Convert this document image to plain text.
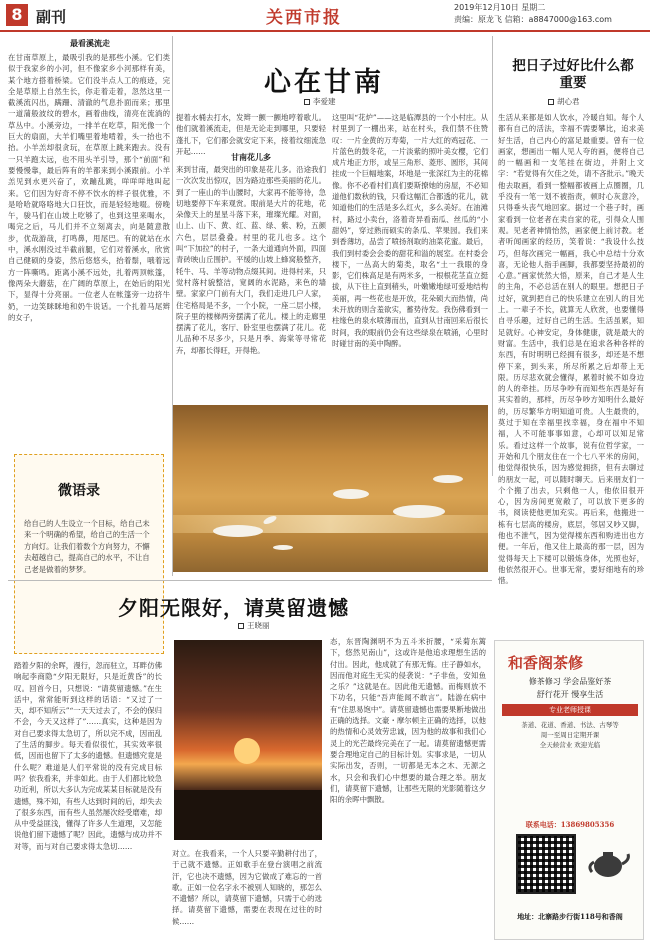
8 副刊	关西市报
2019年12月10日 星期二
责编：原龙飞 信箱：a8847000@163.com
最看溪流走
在甘南草原上，最吸引我的是那些小溪。它们类似于我家乡的小河，但不像家乡小河那样有美，某个地方搭着桥梁。它们没半点人工的痕迹，完全是草原上自然生长，你走着走着，忽然这里一截溪流闪出，蹒跚、清澈的气息扑面而来；那里一道蒲般波纹的碧水，画着曲线，清亮在流淌的草丛中。小溪旁边，一排羊在吃草，阳光像一个巨大的扇面，大羊们嘴里着地啃着，头一抬也不抬。小羊羔却很贪玩，在草原上跳来跑去。没有一只羊跑太远，也不用头羊引导，那个“前面”和要慢慢靠，最后阵有的羊都来到小溪跟前。小羊羔见到水更兴奋了，欢蹦乱跳，咩咩咩地叫起来。它们因为好奇不停不饮水的样子很优雅，不是哈哈就咯咯地大口狂饮，而是轻轻地啜。傍晚午，骏马们在山坡上吃够了，也到这里来喝水，喝完之后，马儿们并不立刻离去，向是随意散步，优哉游哉，打鸣鼻，甩尾巴。有的就站在水中，溪水刚没过半截前腿，它们对着溪水，欣赏自己健硕的身姿，然后悠悠头，抬着鬃，哦着远方一阵嘶鸣。距离小溪不远处，扎着两顶帐篷，像两朵大蘑菇，在广阔的草原上，在始后的阳光下，显得十分亮丽。一位老人在帐篷旁一边挤牛奶，一边笑眯眯地和奶牛说话。一个扎着马尾辫的女子，
心在甘南
李爱建
提着水桶去打水，发辫一颤一颤地哼着歌儿。他们就着溪流走，但是无论走到哪里，只要轻蓬扎下，它们都会就安定下来，接着纹细流急开起……
甘南花儿多
来到甘南，最突出的印象是花儿多。沿途我们一次次发出惊叹，因为路边那些美丽的花儿。到了一座山的半山腰时，大家再不能等待，急切地要停下车来观赏。眼前是大片的花地，花朵像天上的星星斗落下来，璀璨光耀。对面，山上、山下、黄、红、蓝、绿、紫、粉，五颜六色，层层叠叠。村里的花儿也多。这个叫“下加拉”的村子，一条大道通向外面，四面青砖映山丘围护。平缓的山坡上蜂窝般整齐，牦牛、马、羊等动物点缀其间。进得村来，只觉村落村貌整洁，宽阔的水泥路，来色的墙壁。家家户门前有大门，我们走进几户人家，住宅格局是不多，一个小院，一座二层小楼，院子里的楼梯两旁摆满了花儿。楼上的走廊里摆满了花儿，客厅、卧室里也摆满了花儿。花儿品种不尽多少，只是月季、海棠等寻常花卉，却都长得旺，开得艳。
这里叫“花炉”——这是临潭县的一个小村庄。从村里到了一棚出来，站在村头，我们禁不住赞叹：一片金黄的万寿菊，一片大红的鸡冠花、一片蓝色的鼓冬花，一片淡紫的照叶美女樱，它们成片地正方形，或呈三角形、菱形、圆形，其间挂成一个巨幅地案，坏地是一张深红为主的花棉像。你不必看村们真们要斯撩她的房屋，不必知道他们数秋的钱，只看这幅汇合都透的花儿，就知道他们的生活是多么红火，多么美好。在油滩村，路过小卖台，洛着奇异看南瓜、丝瓜的“小甜妈”，穿过熟而硕实的条瓜、苹果园。我们来到香薄坊，品尝了喷扬剂取的油菜花蜜。最后，我们到村委会会委的甜花和溢的展室。在村委会楼下，一丛高大的菊类，取名“土一我眼的身影，它们株高足是有两米多，一根根花茎直立挺拔，从下往上直到稍头，叶嫩嫩地绿可爱地结构美丽，再一些花也是开放，花朵硕大而热情，尚未开放的则含羞欲实，蓄势待发。我伤佛看到一柱缘色的泉水喷薄而出，直到从甘南回来后很长时间，我的眼前仍会有这些绿泉在喷涌，心里时时碰甘南的美中陶醉。
把日子过好比什么都重要
胡心君
生活从来都是如人饮水，冷暖自知。每个人都有自己的活法，幸福不需要攀比，追求美好生活，自己内心的富足最重要。曾有一位画家，想画出一幅人见人夸的画，便将自己的一幅画和一支笔挂在街边，并附上文字：“若觉得有欠佳之处，请不吝批示。”晚天他去取画，看到一整幅都被画上点圈圈，几乎没有一笔一划不被指责，顿时心灰意冷，只得垂头丧气地回家。据过一个巷子时，画家看到一位老者在卖自家的花，引得众人围观。见老者神情怡然，画家便上前讨教。老者听闻画家的经历，笑着说：“我设什么技巧，但每次画完一幅画，我心中总结十分欢喜，无论他人指手画脚，我都要坚持最初的心意。”画家恍然大悟，原来，自己才是人生的主角，不必总活在别人的眼里。想把日子过好，就到把自己的快乐建立在别人的目光上。一辈子不长，就算无人欣赏，也要懂得自寻乐趣，过好自己的生活。生活虽累，知足就好。心神安定，身体健康，就是最大的财富。生活中，我们总是在追求各种各样的东西，有时明明已经拥有很多，却还是不想停下来，到头来，所尽所累之后却带上无限。历尽悲欢就会懂得，累着时候不如身边的人的牵挂。历尽争吵有而知些东西是好有其实着的，那样，历尽争吵方知明什么最好的，历尽繁华方明知道可贵。人生最贵的，莫过于知在幸福里找幸福，身在福中不知福，人不可能事事如意，心却可以知足常乐。看过这样一个故事，说有位哲学家，一开始和几个朋友住在一个七八平米的房间，他觉得很快乐，因为感觉拥挤，但有去聊过的朋友一起，可以随时聊天。后来朋友们一个个搬了出去，只剩他一人，他依旧很开心，因为房间更宽敞了，可以放下更多的书，阅读使他更加充实。再后来，他搬进一栋有七层高的楼房，底层，邻居又吵又脚，他也不泄气，因为觉得楼东西和购进出也方便。一年后，他又住上最高的那一层，因为觉得每天上下楼可以锻炼身体，光照也好，他依然很开心。世事无常，要好细地有的珍惜。
微语录
给自己的人生设立一个目标，给自己未来一个明确的希望，给自己的生活一个方向灯。让我们着数个方向努力，不懈去超越自己，提高自己的水平，不让自己老是做着的梦梦。
夕阳无限好，请莫留遗憾
王晓丽
踏着夕阳的余晖，漫行，忽而驻立，耳畔仿佛响起李商隐“夕阳无限好，只是近黄昏”的长叹。回首今日，只想说：“请莫留遗憾。”在生活中，常常能听到这样的话语：“又过了一天，却不知所云”“一天天过去了，不会的保归不会，今天又这样了”……真实，这种是因为对自己要求得太急切了，所以完不成，因而乱了生活的脚步。每天看似很忙，其实效率很低，因而也留下了太多的遗憾。但遗憾究竟是什么呢？难道是人们平常说的没有完成目标吗？依我看来，并非如此。由于人们都比较急功近利，所以大多认为完成某某目标就是没有遗憾，殊不知，有些人达到时间的后，却失去了很多东西，而有些人虽然屡次经受磨难，却从中受益匪浅，懂得了许多人生道理，又怎能说他们留下遗憾了呢？因此，遗憾与成功并不对等，而与对自己要求得太急切……
对立。在我看来，一个人只要辛勤耕付出了，于己就不遗憾。正如歌手在登台演唱之前流汗，它也决不遗憾，因为它做成了难忘的一首歌。正如一位名字永不被别人知晓的，那怎么不遗憾？所以，请莫留下遗憾，只需于心的选择。请莫留下遗憾，需要在表现在过往的时候……
态，东晋陶渊明不为五斗米折腰，“采菊东篱下，悠然见南山”，这或许是他追求理想生活的付出。因此，他成就了有那无悔。庄子静如水，因而他对庭生无实的侵袭说：“子非鱼，安知鱼之乐？”这就是在。因此他无遗憾。而梅则放不下功名，只能“吾声能闻不敢言”。陆游在病中有“住思易饱中”。请莫留遗憾也需要果断地做出正确的选择。文豪・摩尔顿主正确的选择，以他的热情和心灵效劳忠诚，因为他的故事和我们心灵上的光芒最终完美在了一起。请莫留遗憾更需要合理地定自己的目标计划。实事求是，一切从实际出发，否则，一切都是无本之木、无源之水，只会和我们心中想要的最合理之举。朋友们，请莫留下遗憾，让那些无限的光影随着这夕阳的余晖中飘散。
和香阁茶修
修茶修习 学会品鉴好茶
舒行花开 慢享生活
专业老师授课
茶道、花道、香道、书法、古琴等
周一至周日定期开课
全天候营业 欢迎光临
联系电话：13869805356
地址：北寨路步行街118号和香阁
